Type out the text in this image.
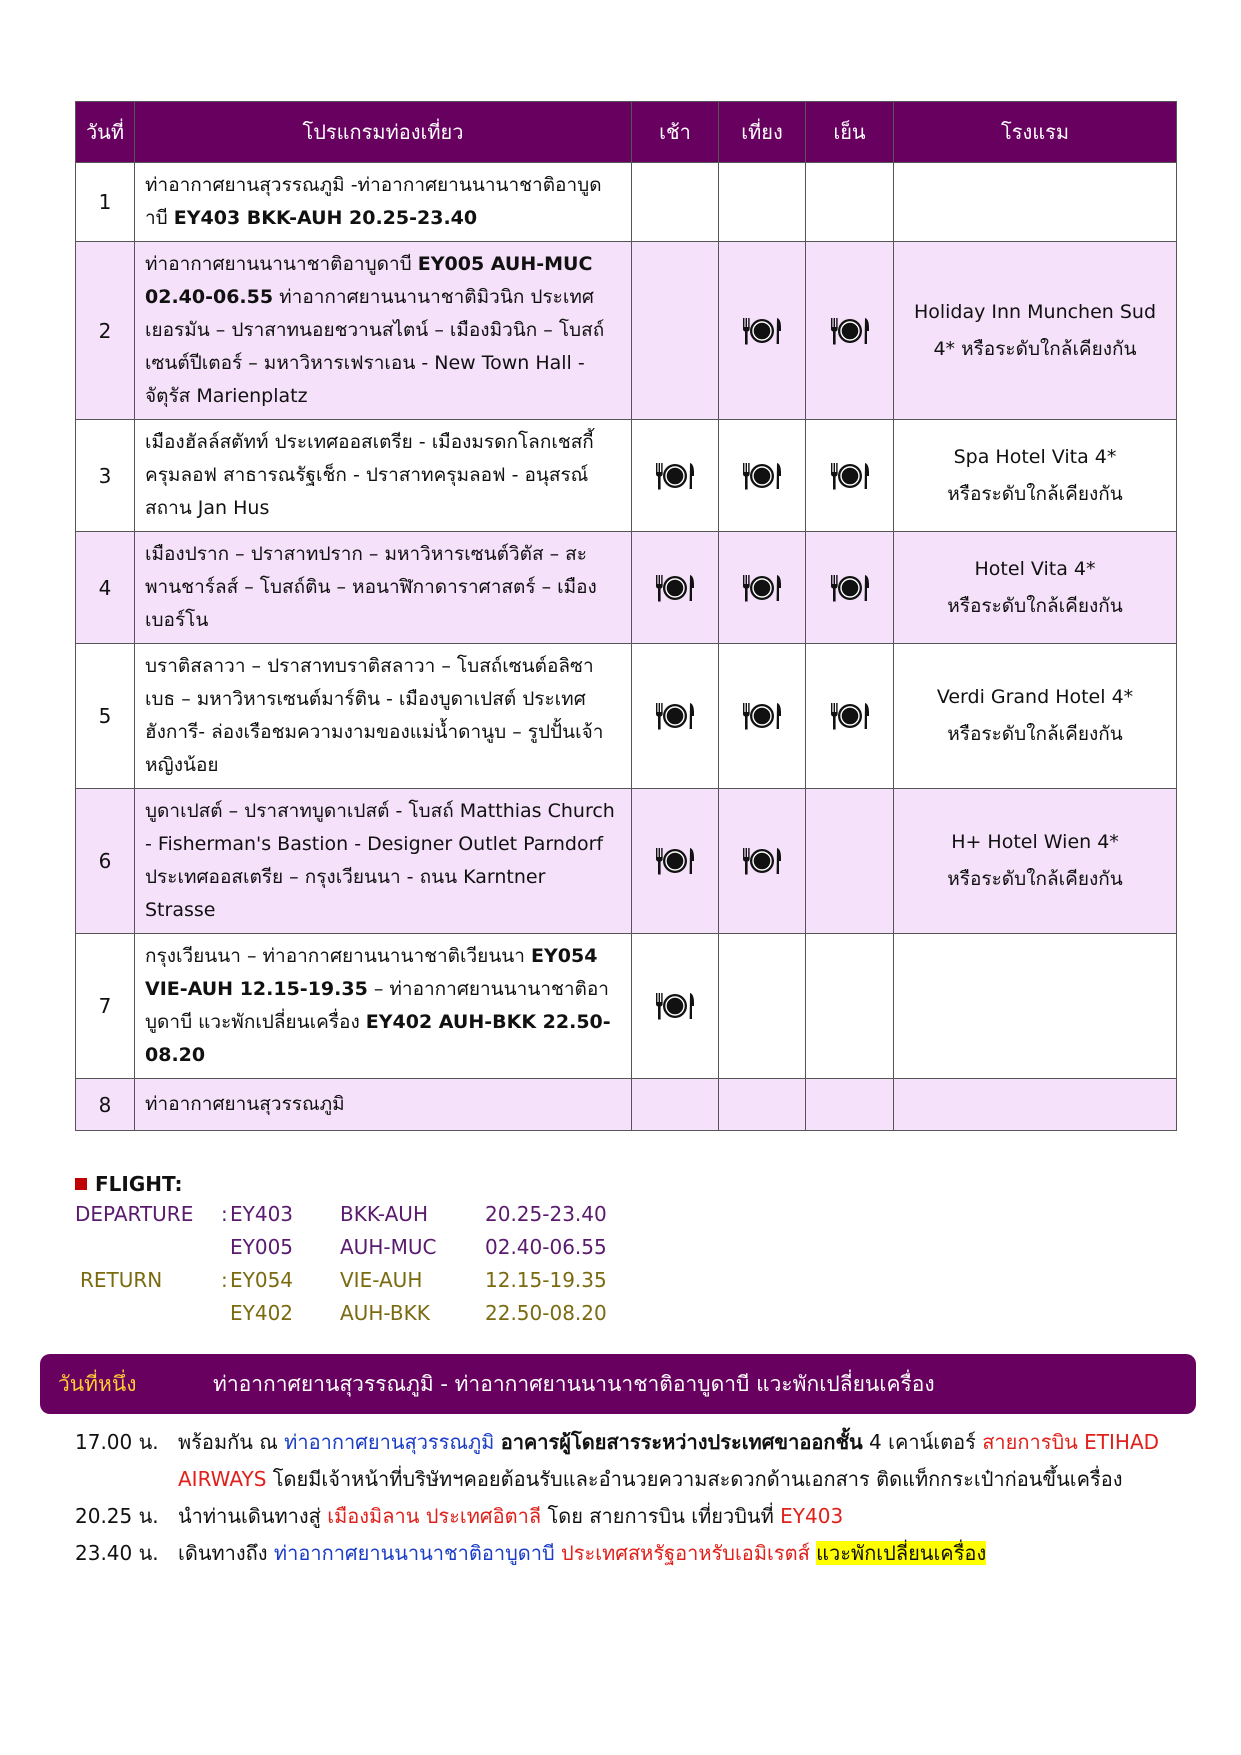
วันที่	โปรแกรมท่องเที่ยว	เช้า	เที่ยง	เย็น	โรงแรม
1	ท่าอากาศยานสุวรรณภูมิ -ท่าอากาศยานนานาชาติอาบูดาบี EY403 BKK-AUH 20.25-23.40				
2	ท่าอากาศยานนานาชาติอาบูดาบี EY005 AUH-MUC 02.40-06.55 ท่าอากาศยานนานาชาติมิวนิก ประเทศเยอรมัน – ปราสาทนอยชวานสไตน์ – เมืองมิวนิก – โบสถ์เซนต์ปีเตอร์ – มหาวิหารเฟราเอน - New Town Hall - จัตุรัส Marienplatz				Holiday Inn Munchen Sud
4* หรือระดับใกล้เคียงกัน

3	เมืองฮัลล์สตัทท์ ประเทศออสเตรีย - เมืองมรดกโลกเชสกี้ ครุมลอฟ สาธารณรัฐเช็ก - ปราสาทครุมลอฟ - อนุสรณ์สถาน Jan Hus				Spa Hotel Vita 4*
หรือระดับใกล้เคียงกัน

4	เมืองปราก – ปราสาทปราก – มหาวิหารเซนต์วิตัส – สะพานชาร์ลส์ – โบสถ์ติน – หอนาฬิกาดาราศาสตร์ – เมืองเบอร์โน				Hotel Vita 4*
หรือระดับใกล้เคียงกัน

5	บราติสลาวา – ปราสาทบราติสลาวา – โบสถ์เซนต์อลิซาเบธ – มหาวิหารเซนต์มาร์ติน - เมืองบูดาเปสต์ ประเทศฮังการี- ล่องเรือชมความงามของแม่น้ำดานูบ – รูปปั้นเจ้าหญิงน้อย				Verdi Grand Hotel 4*
หรือระดับใกล้เคียงกัน

6	บูดาเปสต์ – ปราสาทบูดาเปสต์ - โบสถ์ Matthias Church - Fisherman's Bastion - Designer Outlet Parndorf ประเทศออสเตรีย – กรุงเวียนนา - ถนน Karntner Strasse				H+ Hotel Wien 4*
หรือระดับใกล้เคียงกัน

7	กรุงเวียนนา – ท่าอากาศยานนานาชาติเวียนนา EY054 VIE-AUH 12.15-19.35 – ท่าอากาศยานนานาชาติอาบูดาบี แวะพักเปลี่ยนเครื่อง EY402 AUH-BKK 22.50-08.20				
8	ท่าอากาศยานสุวรรณภูมิ				
FLIGHT:
DEPARTURE : EY403 BKK-AUH	20.25-23.40
EY005 AUH-MUC 02.40-06.55
RETURN	: EY054 VIE-AUH	12.15-19.35
EY402 AUH-BKK	22.50-08.20
วันที่หนึ่ง	ท่าอากาศยานสุวรรณภูมิ - ท่าอากาศยานนานาชาติอาบูดาบี แวะพักเปลี่ยนเครื่อง
17.00 น. พร้อมกัน ณ ท่าอากาศยานสุวรรณภูมิ อาคารผู้โดยสารระหว่างประเทศขาออกชั้น 4 เคาน์เตอร์ สายการบิน ETIHAD AIRWAYS โดยมีเจ้าหน้าที่บริษัทฯคอยต้อนรับและอำนวยความสะดวกด้านเอกสาร ติดแท็กกระเป๋าก่อนขึ้นเครื่อง
20.25 น. นำท่านเดินทางสู่ เมืองมิลาน ประเทศอิตาลี โดย สายการบิน เที่ยวบินที่ EY403
23.40 น. เดินทางถึง ท่าอากาศยานนานาชาติอาบูดาบี ประเทศสหรัฐอาหรับเอมิเรตส์ แวะพักเปลี่ยนเครื่อง
